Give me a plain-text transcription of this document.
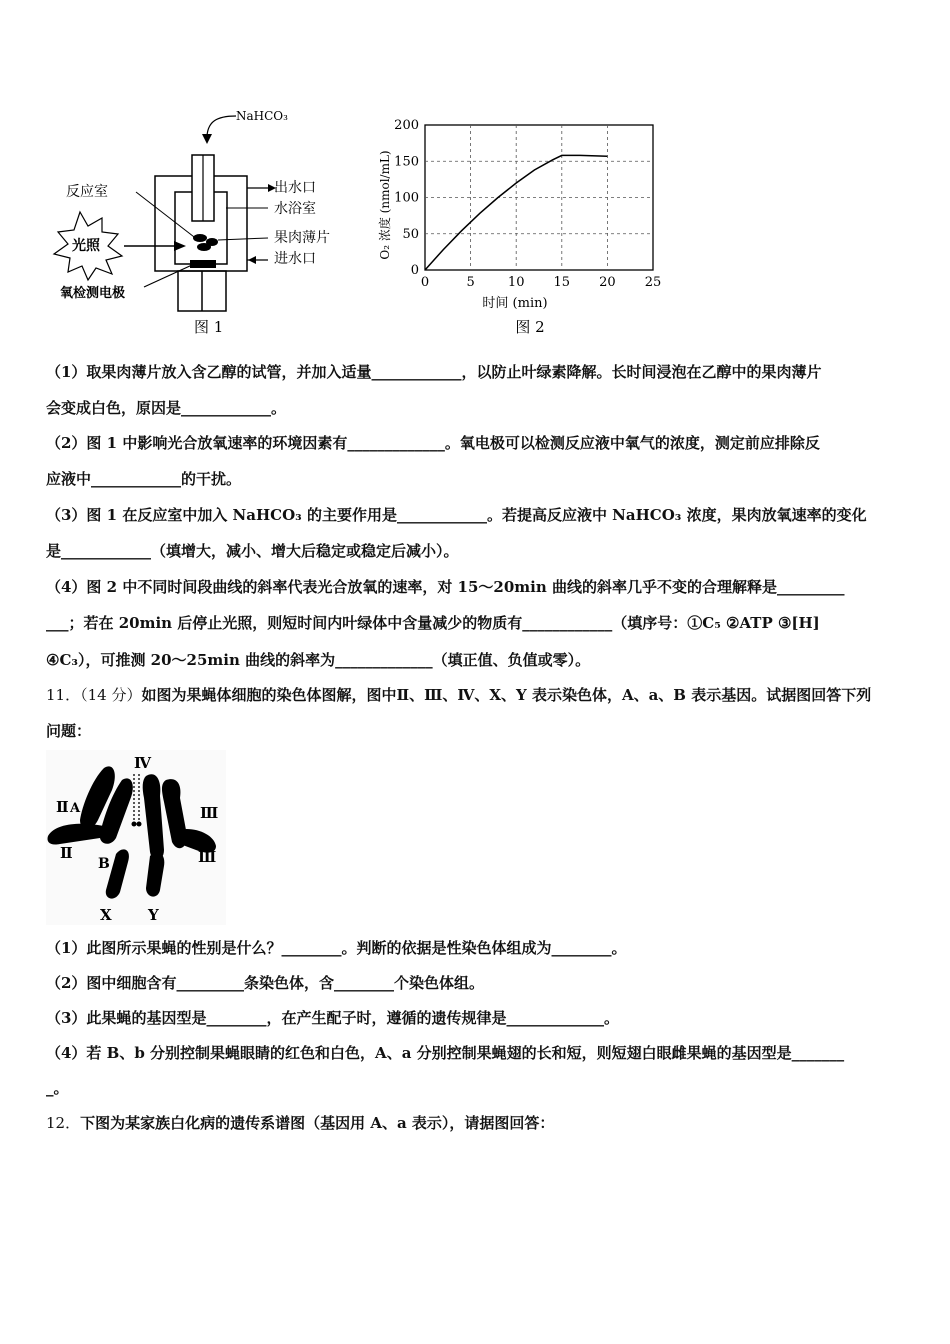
NaHCO₃
出水口
水浴室
果肉薄片
进水口
反应室
光照
氧检测电极
图 1
0	5	10 15 20 25
0
50
100
150
200
时间 (min)
O₂ 浓度 (nmol/mL)
图 2
（1）取果肉薄片放入含乙醇的试管，并加入适量____________，以防止叶绿素降解。长时间浸泡在乙醇中的果肉薄片
会变成白色，原因是____________。
（2）图 1 中影响光合放氧速率的环境因素有_____________。氧电极可以检测反应液中氧气的浓度，测定前应排除反
应液中____________的干扰。
（3）图 1 在反应室中加入 NaHCO₃ 的主要作用是____________。若提高反应液中 NaHCO₃ 浓度，果肉放氧速率的变化
是____________（填增大，减小、增大后稳定或稳定后减小）。
（4）图 2 中不同时间段曲线的斜率代表光合放氧的速率，对 15～20min 曲线的斜率几乎不变的合理解释是_________
___；若在 20min 后停止光照，则短时间内叶绿体中含量减少的物质有____________（填序号：①C₅ ②ATP ③[H]
④C₃），可推测 20～25min 曲线的斜率为_____________（填正值、负值或零）。
11．（14 分）如图为果蝇体细胞的染色体图解，图中Ⅱ、Ⅲ、Ⅳ、X、Y 表示染色体，A、a、B 表示基因。试据图回答下列
问题：
Ⅳ
Ⅱ A
a
Ⅱ
Ⅲ
Ⅲ
B
X Y
（1）此图所示果蝇的性别是什么？________。判断的依据是性染色体组成为________。
（2）图中细胞含有_________条染色体，含________个染色体组。
（3）此果蝇的基因型是________，在产生配子时，遵循的遗传规律是_____________。
（4）若 B、b 分别控制果蝇眼睛的红色和白色，A、a 分别控制果蝇翅的长和短，则短翅白眼雌果蝇的基因型是_______
_。
12．下图为某家族白化病的遗传系谱图（基因用 A、a 表示），请据图回答：
